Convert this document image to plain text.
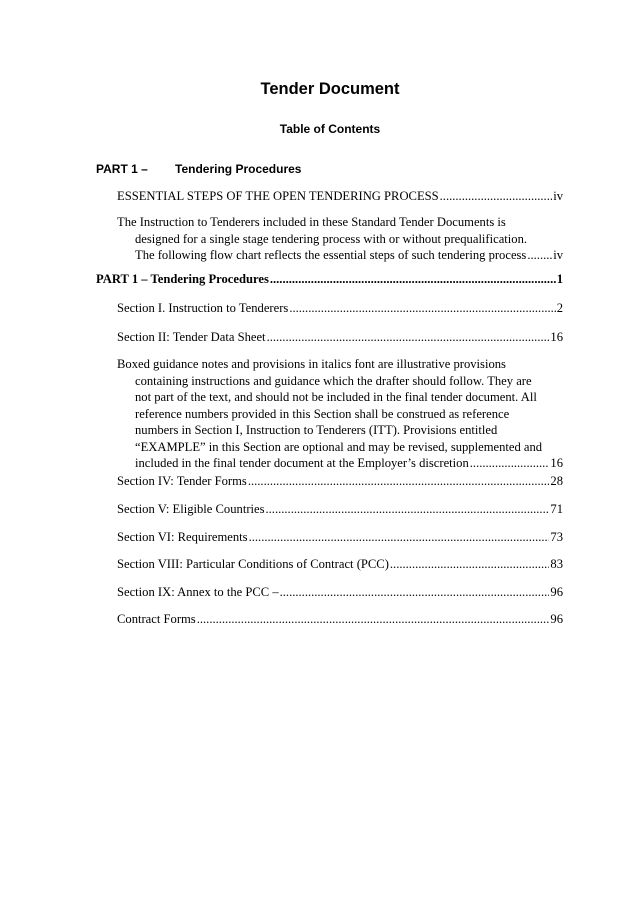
Tender Document
Table of Contents
PART 1 – Tendering Procedures
ESSENTIAL STEPS OF THE OPEN TENDERING PROCESS .....	iv
The Instruction to Tenderers included in these Standard Tender Documents is
designed for a single stage tendering process with or without prequalification.
The following flow chart reflects the essential steps of such tendering process ..... iv
PART 1 – Tendering Procedures .....	1
Section I. Instruction to Tenderers .....	2
Section II: Tender Data Sheet .....	16
Boxed guidance notes and provisions in italics font are illustrative provisions
containing instructions and guidance which the drafter should follow. They are
not part of the text, and should not be included in the final tender document. All
reference numbers provided in this Section shall be construed as reference
numbers in Section I, Instruction to Tenderers (ITT). Provisions entitled
“EXAMPLE” in this Section are optional and may be revised, supplemented and
included in the final tender document at the Employer’s discretion .....	16
Section IV: Tender Forms .....	28
Section V: Eligible Countries .....	71
Section VI: Requirements .....	73
Section VIII: Particular Conditions of Contract (PCC) .....	83
Section IX: Annex to the PCC – .....	96
Contract Forms .....	96
